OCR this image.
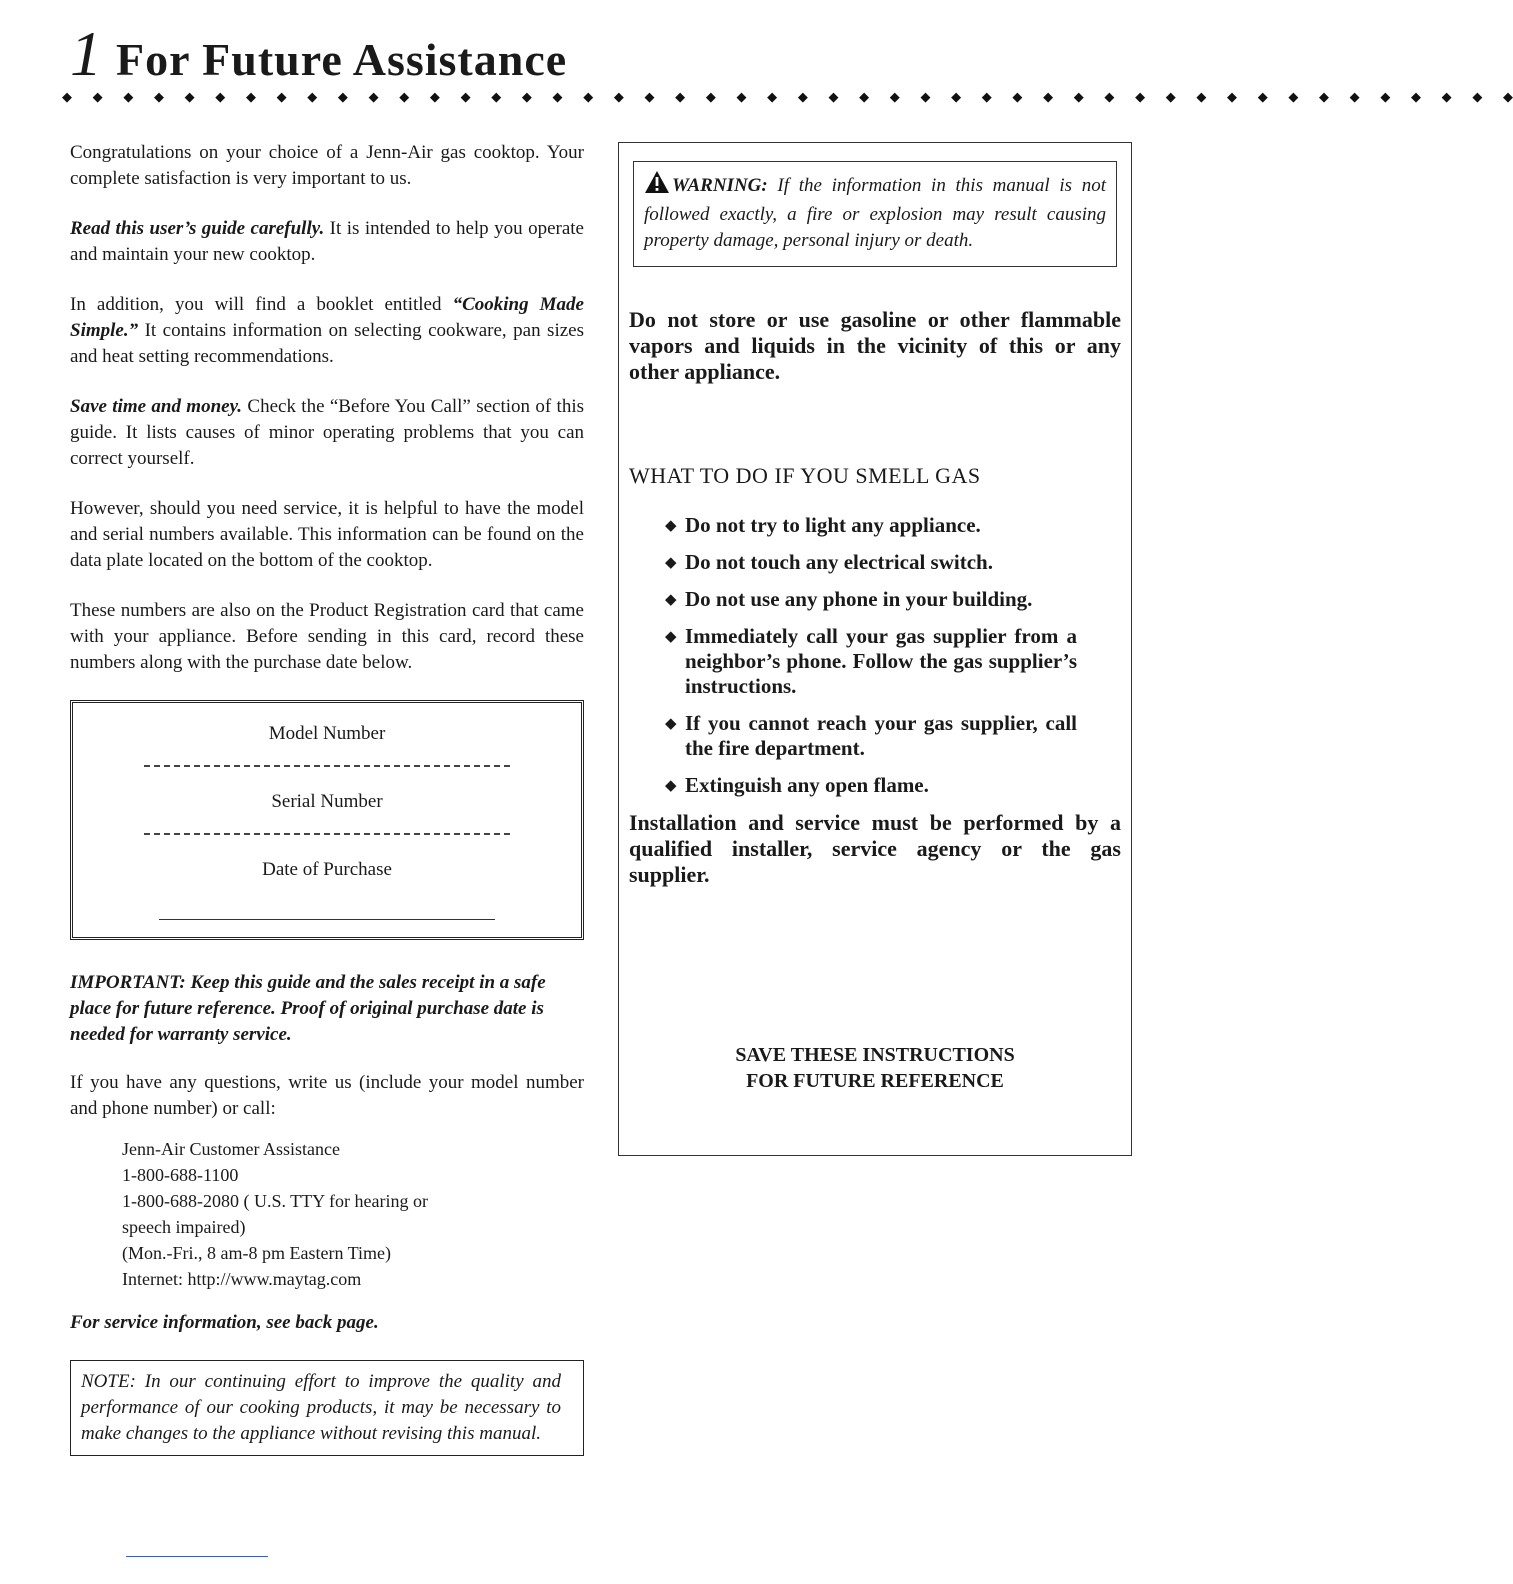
1 For Future Assistance
◆     ◆     ◆     ◆     ◆     ◆     ◆     ◆     ◆     ◆     ◆     ◆     ◆     ◆     ◆     ◆     ◆     ◆     ◆     ◆     ◆     ◆     ◆     ◆     ◆     ◆     ◆     ◆     ◆     ◆     ◆     ◆     ◆     ◆     ◆     ◆     ◆     ◆     ◆     ◆     ◆     ◆     ◆     ◆     ◆     ◆     ◆     ◆

Congratulations on your choice of a Jenn-Air gas cooktop. Your complete satisfaction is very important to us.

Read this user’s guide carefully. It is intended to help you operate and maintain your new cooktop.

In addition, you will find a booklet entitled “Cooking Made Simple.” It contains information on selecting cookware, pan sizes and heat setting recommendations.

Save time and money. Check the “Before You Call” section of this guide. It lists causes of minor operating problems that you can correct yourself.

However, should you need service, it is helpful to have the model and serial numbers available. This information can be found on the data plate located on the bottom of the cooktop.

These numbers are also on the Product Registration card that came with your appliance. Before sending in this card, record these numbers along with the purchase date below.

Model Number
Serial Number
Date of Purchase

IMPORTANT: Keep this guide and the sales receipt in a safe place for future reference. Proof of original purchase date is needed for warranty service.

If you have any questions, write us (include your model number and phone number) or call:

Jenn-Air Customer Assistance
1-800-688-1100
1-800-688-2080 ( U.S. TTY for hearing or
speech impaired)
(Mon.-Fri., 8 am-8 pm Eastern Time)
Internet: http://www.maytag.com

For service information, see back page.

NOTE: In our continuing effort to improve the quality and performance of our cooking products, it may be necessary to make changes to the appliance without revising this manual.
WARNING: If the information in this manual is not followed exactly, a fire or explosion may result causing property damage, personal injury or death.

Do not store or use gasoline or other flammable vapors and liquids in the vicinity of this or any other appliance.

WHAT TO DO IF YOU SMELL GAS
◆ Do not try to light any appliance.
◆ Do not touch any electrical switch.
◆ Do not use any phone in your building.
◆ Immediately call your gas supplier from a neighbor’s phone. Follow the gas supplier’s instructions.
◆ If you cannot reach your gas supplier, call the fire department.
◆ Extinguish any open flame.

Installation and service must be performed by a qualified installer, service agency or the gas supplier.

SAVE THESE INSTRUCTIONS
FOR FUTURE REFERENCE
